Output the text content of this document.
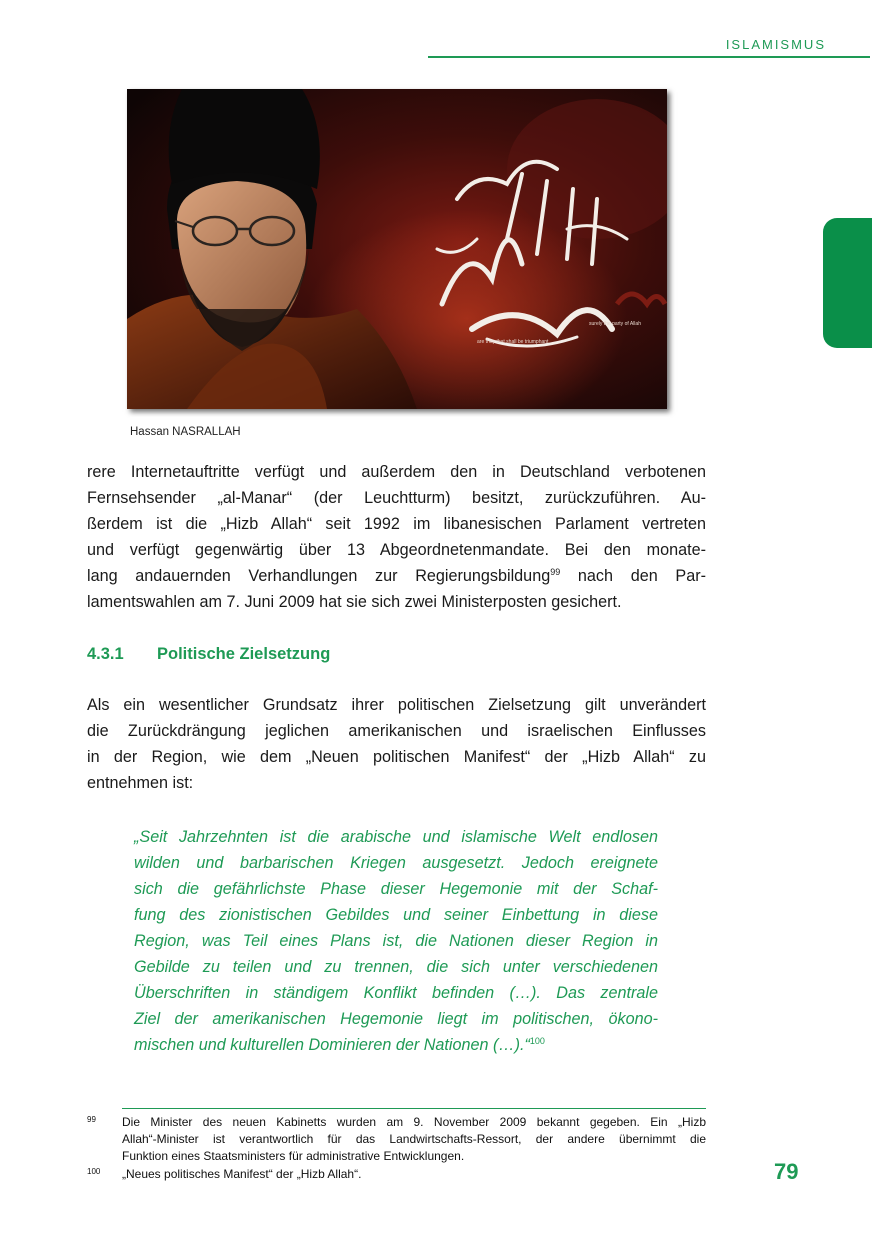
ISLAMISMUS
are they that shall be triumphant
surely the party of Allah
Hassan NASRALLAH

rere Internetauftritte verfügt und außerdem den in Deutschland verbotenen
Fernsehsender „al-Manar“ (der Leuchtturm) besitzt, zurückzuführen. Au-
ßerdem ist die „Hizb Allah“ seit 1992 im libanesischen Parlament vertreten
und verfügt gegenwärtig über 13 Abgeordnetenmandate. Bei den monate-
lang andauernden Verhandlungen zur Regierungsbildung$^{99}$ nach den Par-
lamentswahlen am 7. Juni 2009 hat sie sich zwei Ministerposten gesichert.

4.3.1 Politische Zielsetzung

Als ein wesentlicher Grundsatz ihrer politischen Zielsetzung gilt unverändert
die Zurückdrängung jeglichen amerikanischen und israelischen Einflusses
in der Region, wie dem „Neuen politischen Manifest“ der „Hizb Allah“ zu
entnehmen ist:

„Seit Jahrzehnten ist die arabische und islamische Welt endlosen
wilden und barbarischen Kriegen ausgesetzt. Jedoch ereignete
sich die gefährlichste Phase dieser Hegemonie mit der Schaf-
fung des zionistischen Gebildes und seiner Einbettung in diese
Region, was Teil eines Plans ist, die Nationen dieser Region in
Gebilde zu teilen und zu trennen, die sich unter verschiedenen
Überschriften in ständigem Konflikt befinden (…). Das zentrale
Ziel der amerikanischen Hegemonie liegt im politischen, ökono-
mischen und kulturellen Dominieren der Nationen (…).“$^{100}$
99 Die Minister des neuen Kabinetts wurden am 9. November 2009 bekannt gegeben. Ein „Hizb
Allah“-Minister ist verantwortlich für das Landwirtschafts-Ressort, der andere übernimmt die
Funktion eines Staatsministers für administrative Entwicklungen.
100 „Neues politisches Manifest“ der „Hizb Allah“.	79
